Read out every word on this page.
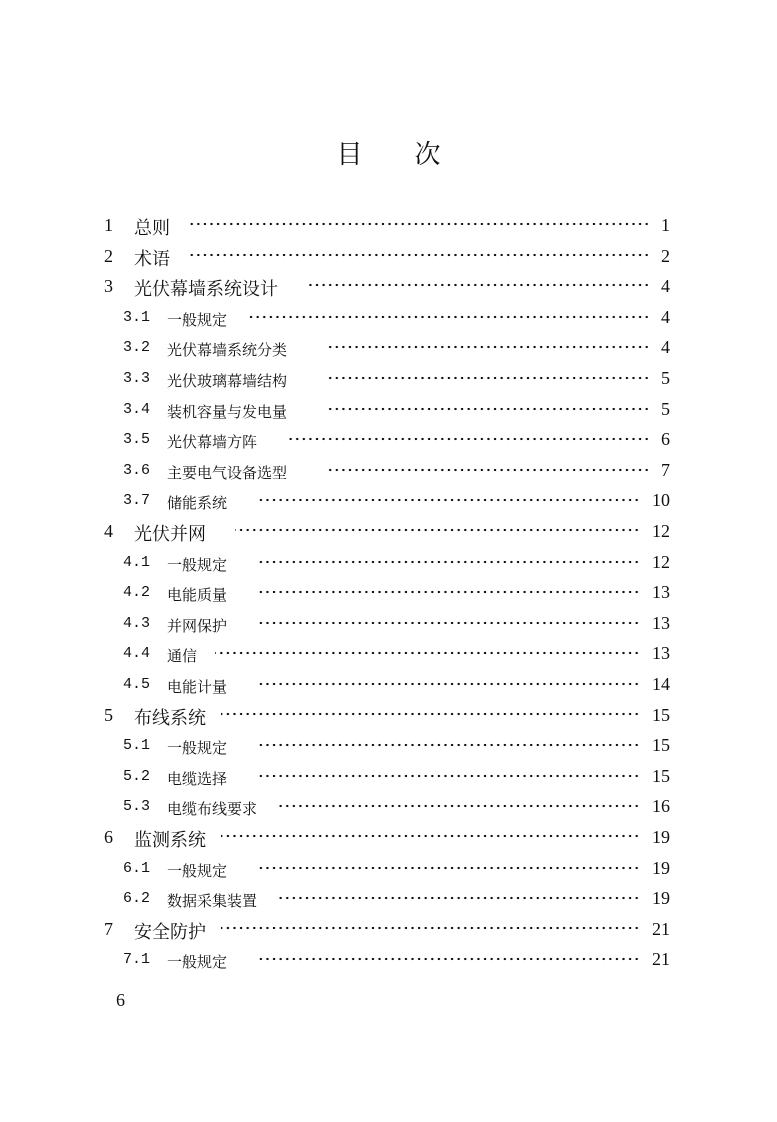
目 次
1 总则	1
2 术语	2
3 光伏幕墙系统设计	4
3.1 一般规定	4
3.2 光伏幕墙系统分类	4
3.3 光伏玻璃幕墙结构	5
3.4 装机容量与发电量	5
3.5 光伏幕墙方阵	6
3.6 主要电气设备选型	7
3.7 储能系统	10
4 光伏并网	12
4.1 一般规定	12
4.2 电能质量	13
4.3 并网保护	13
4.4 通信	13
4.5 电能计量	14
5 布线系统	15
5.1 一般规定	15
5.2 电缆选择	15
5.3 电缆布线要求	16
6 监测系统	19
6.1 一般规定	19
6.2 数据采集装置	19
7 安全防护	21
7.1 一般规定	21
6
